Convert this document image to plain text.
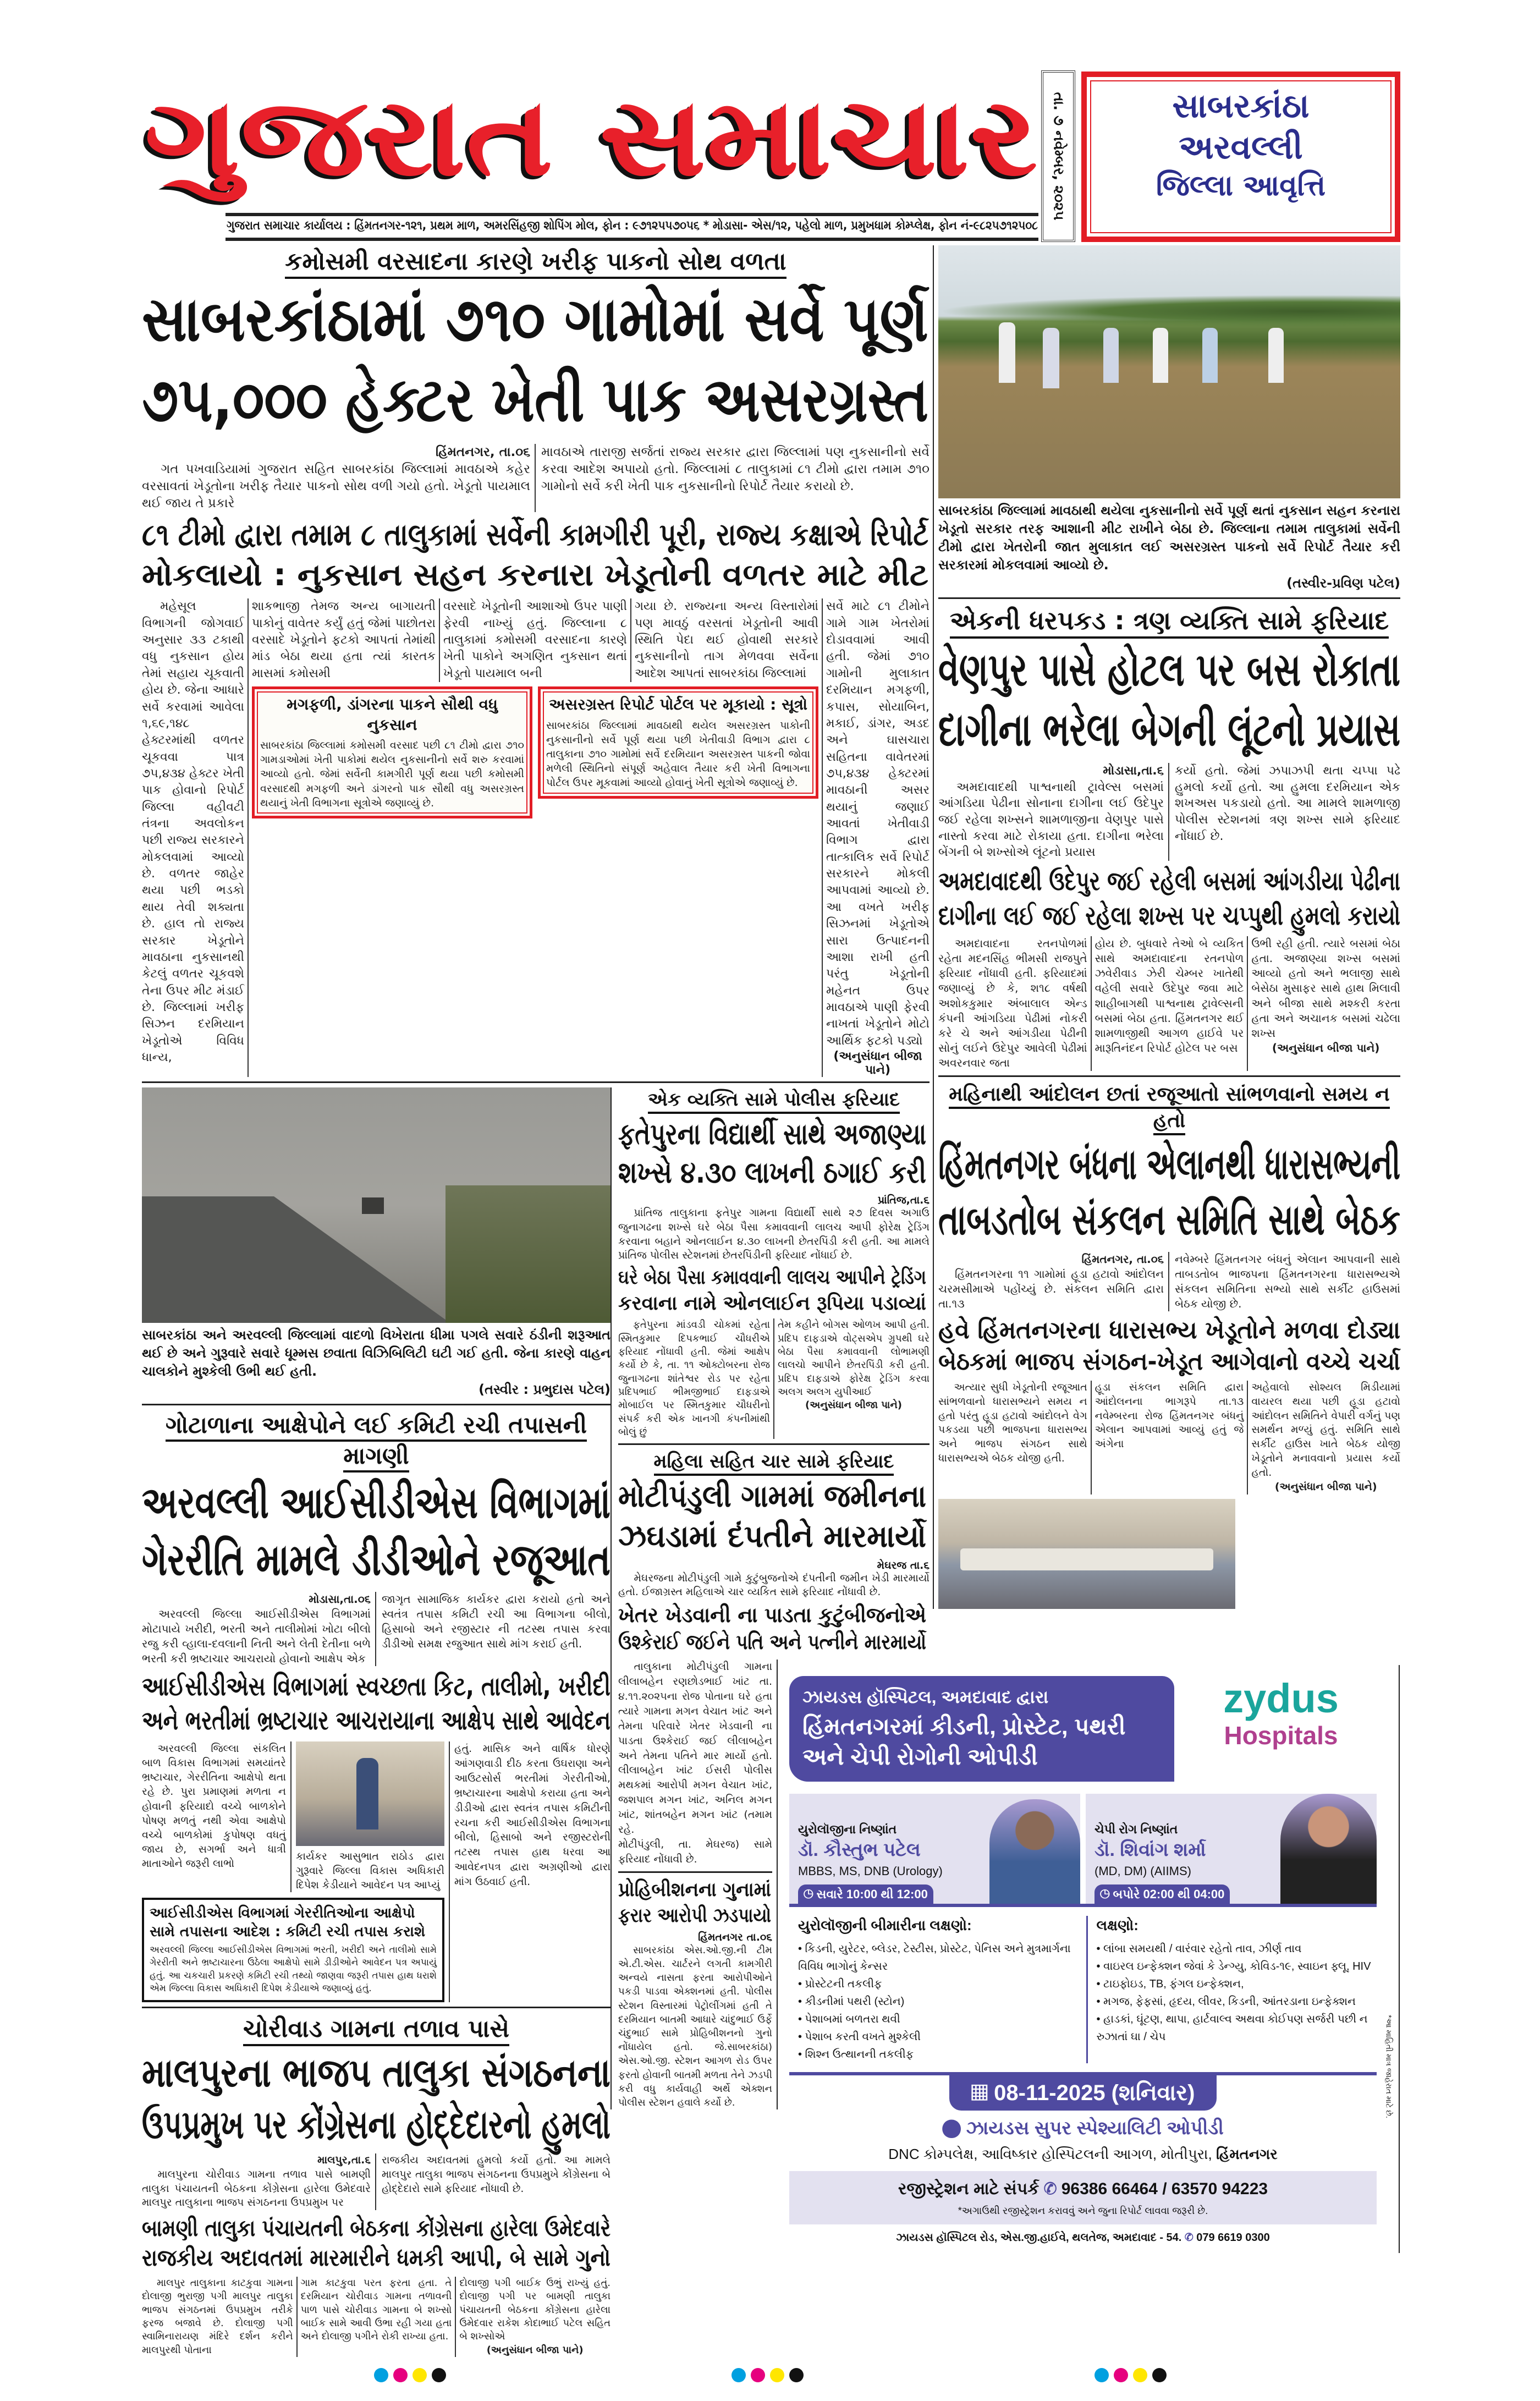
ગુજરાત સમાચાર
ગુજરાત સમાચાર કાર્યાલય : હિંમતનગર-૧૨૧, પ્રથમ માળ, અમરસિંહજી શોપિંગ મોલ, ફોન : ૯૭૧૨૫૫૭૦૫૬ * મોડાસા- એસ/૧૨, પહેલો માળ, પ્રમુખધામ કોમ્પ્લેક્ષ, ફોન નં-૯૮૨૫૭૧૨૫૦૮
તા. ૭ નવેમ્બર, ૨૦૨૫	સાબરકાંઠા
અરવલ્લી
જિલ્લા આવૃત્તિ
કમોસમી વરસાદના કારણે ખરીફ પાકનો સોથ વળતા
સાબરકાંઠામાં ૭૧૦ ગામોમાં સર્વે પૂર્ણ
૭૫,૦૦૦ હેક્ટર ખેતી પાક અસરગ્રસ્ત
હિંમતનગર, તા.૦૬

ગત પખવાડિયામાં ગુજરાત સહિત સાબરકાંઠા જિલ્લામાં માવઠાએ કહેર વરસાવતાં ખેડૂતોના ખરીફ તૈયાર પાકનો સોથ વળી ગયો હતો. ખેડૂતો પાયમાલ થઈ જાય તે પ્રકારે

માવઠાએ તારાજી સર્જતાં રાજ્ય સરકાર દ્વારા જિલ્લામાં પણ નુકસાનીનો સર્વે કરવા આદેશ અપાયો હતો. જિલ્લામાં ૮ તાલુકામાં ૮૧ ટીમો દ્વારા તમામ ૭૧૦ ગામોનો સર્વે કરી ખેતી પાક નુકસાનીનો રિપોર્ટ તૈયાર કરાયો છે.
૮૧ ટીમો દ્વારા તમામ ૮ તાલુકામાં સર્વેની કામગીરી પૂરી, રાજ્ય કક્ષાએ રિપોર્ટ
મોકલાયો : નુકસાન સહન કરનારા ખેડૂતોની વળતર માટે મીટ

મહેસૂલ વિભાગની જોગવાઈ અનુસાર ૩૩ ટકાથી વધુ નુકસાન હોય તેમાં સહાય ચૂકવાતી હોય છે. જેના આધારે સર્વે કરવામાં આવેલા ૧,૬૯,૧૪૮ હેક્ટરમાંથી વળતર ચૂકવવા પાત્ર ૭૫,૪૩૪ હેક્ટર ખેતી પાક હોવાનો રિપોર્ટ જિલ્લા વહીવટી તંત્રના અવલોકન પછી રાજ્ય સરકારને મોકલવામાં આવ્યો છે. વળતર જાહેર થયા પછી ભડકો થાય તેવી શક્યતા છે. હાલ તો રાજ્ય સરકાર ખેડૂતોને માવઠાના નુકસાનથી કેટલું વળતર ચૂકવશે તેના ઉપર મીટ મંડાઈ છે. જિલ્લામાં ખરીફ સિઝન દરમિયાન ખેડૂતોએ વિવિધ ધાન્ય,

શાકભાજી તેમજ અન્ય બાગાયતી પાકોનું વાવેતર કર્યું હતું જેમાં પાછોતરા વરસાદે ખેડૂતોને ફટકો આપતાં તેમાંથી માંડ બેઠા થયા હતા ત્યાં કારતક માસમાં કમોસમી
વરસાદે ખેડૂતોની આશાઓ ઉપર પાણી ફેરવી નાખ્યું હતું. જિલ્લાના ૮ તાલુકામાં કમોસમી વરસાદના કારણે ખેતી પાકોને અગણિત નુકસાન થતાં ખેડૂતો પાયમાલ બની
ગયા છે. રાજ્યના અન્ય વિસ્તારોમાં પણ માવઠું વરસતાં ખેડૂતોની આવી સ્થિતિ પેદા થઈ હોવાથી સરકારે નુકસાનીનો તાગ મેળવવા સર્વેના આદેશ આપતાં સાબરકાંઠા જિલ્લામાં
મગફળી, ડાંગરના પાકને સૌથી વધુ નુકસાન
સાબરકાંઠા જિલ્લામાં કમોસમી વરસાદ પછી ૮૧ ટીમો દ્વારા ૭૧૦ ગામડાઓમાં ખેતી પાકોમાં થયેલ નુકસાનીનો સર્વે શરુ કરવામાં આવ્યો હતો. જેમાં સર્વેની કામગીરી પૂર્ણ થયા પછી કમોસમી વરસાદથી મગફળી અને ડાંગરનો પાક સૌથી વધુ અસરગ્રસ્ત થયાનું ખેતી વિભાગના સૂત્રોએ જણાવ્યું છે.
અસરગ્રસ્ત રિપોર્ટ પોર્ટલ પર મૂકાયો : સૂત્રો
સાબરકાંઠા જિલ્લામાં માવઠાથી થયેલ અસરગ્રસ્ત પાકોની નુકસાનીનો સર્વે પૂર્ણ થયા પછી ખેતીવાડી વિભાગ દ્વારા ૮ તાલુકાના ૭૧૦ ગામોમાં સર્વે દરમિયાન અસરગ્રસ્ત પાકની જોવા મળેલી સ્થિતિનો સંપૂર્ણ અહેવાલ તૈયાર કરી ખેતી વિભાગના પોર્ટલ ઉપર મૂકવામાં આવ્યો હોવાનું ખેતી સૂત્રોએ જણાવ્યું છે.
સર્વે માટે ૮૧ ટીમોને ગામે ગામ ખેતરોમાં દોડાવવામાં આવી હતી. જેમાં ૭૧૦ ગામોની મુલાકાત દરમિયાન મગફળી, કપાસ, સોયાબિન, મકાઈ, ડાંગર, અડદ અને ઘાસચારા સહિતના વાવેતરમાં ૭૫,૪૩૪ હેક્ટરમાં માવઠાની અસર થયાનું જણાઈ આવતાં ખેતીવાડી વિભાગ દ્વારા તાત્કાલિક સર્વે રિપોર્ટ સરકારને મોકલી આપવામાં આવ્યો છે. આ વખતે ખરીફ સિઝનમાં ખેડૂતોએ સારા ઉત્પાદનની આશા રાખી હતી પરંતુ ખેડૂતોની મહેનત ઉપર માવઠાએ પાણી ફેરવી નાખતાં ખેડૂતોને મોટો આર્થિક ફટકો પડ્યો
(અનુસંધાન બીજા પાને)
સાબરકાંઠા અને અરવલ્લી જિલ્લામાં વાદળો વિખેરાતા ધીમા પગલે સવારે ઠંડીની શરૂઆત થઈ છે અને ગુરૂવારે સવારે ધૂમ્મસ છવાતા વિઝિબિલિટી ઘટી ગઈ હતી. જેના કારણે વાહન ચાલકોને મુશ્કેલી ઉભી થઈ હતી.
(તસ્વીર : પ્રભુદાસ પટેલ)
ગોટાળાના આક્ષેપોને લઈ કમિટી રચી તપાસની માગણી
અરવલ્લી આઈસીડીએસ વિભાગમાં
ગેરરીતિ મામલે ડીડીઓને રજૂઆત
મોડાસા,તા.૦૬

અરવલ્લી જિલ્લા આઈસીડીએસ વિભાગમાં મોટાપાયે ખરીદી, ભરતી અને તાલીમોમાં ખોટા બીલો રજુ કરી વ્હાલા-દવલાની નિતી અને લેતી દેતીના બળે ભરતી કરી ભ્રષ્ટાચાર આચરાયો હોવાનો આક્ષેપ એક

જાગૃત સામાજિક કાર્યકર દ્વારા કરાયો હતો અને સ્વતંત્ર તપાસ કમિટી રચી આ વિભાગના બીલો, હિસાબો અને રજીસ્ટાર ની તટસ્થ તપાસ કરવા ડીડીઓ સમક્ષ રજુઆત સાથે માંગ કરાઈ હતી.
આઈસીડીએસ વિભાગમાં સ્વચ્છતા કિટ, તાલીમો, ખરીદી
અને ભરતીમાં ભ્રષ્ટાચાર આચરાયાના આક્ષેપ સાથે આવેદન

અરવલ્લી જિલ્લા સંકલિત બાળ વિકાસ વિભાગમાં સમયાંતરે ભ્રષ્ટાચાર, ગેરરીતિના આક્ષેપો થતા રહે છે. પુરા પ્રમાણમાં મળતા ન હોવાની ફરિયાદો વચ્ચે બાળકોને પોષણ મળતું નથી એવા આક્ષેપો વચ્ચે બાળકોમાં કુપોષણ વધતું જાય છે, સગર્ભા અને ધાત્રી માતાઓને જરૂરી લાભો

કાર્યકર આસુભાત રાઠોડ દ્વારા ગુરૂવારે જિલ્લા વિકાસ અધિકારી દિપેશ કેડીયાને આવેદન પત્ર આપ્યું
આઈસીડીએસ વિભાગમાં ગેરરીતિઓના આક્ષેપો સામે તપાસના આદેશ : કમિટી રચી તપાસ કરાશે
અરવલ્લી જિલ્લા આઈસીડીએસ વિભાગમાં ભરતી, ખરીદી અને તાલીમો સામે ગેરરીતી અને ભ્રષ્ટાચારના ઉઠેલા આક્ષેપો સામે ડીડીઓને આવેદન પત્ર અપાયું હતું. આ ચકચારી પ્રકરણે કમિટી રચી તથ્યો જાણવા જરૂરી તપાસ હાથ ધરાશે એમ જિલ્લા વિકાસ અધિકારી દિપેશ કેડીયાએ જણાવ્યું હતું.
હતું. માસિક અને વાર્ષિક ધોરણે આંગણવાડી દીઠ કરતા ઉઘરાણા અને આઉટસોર્સ ભરતીમાં ગેરરીતીઓ, ભ્રષ્ટાચારના આક્ષેપો કરાયા હતા અને ડીડીઓ દ્વારા સ્વતંત્ર તપાસ કમિટીની રચના કરી આઈસીડીએસ વિભાગના બીલો, હિસાબો અને રજીસ્ટરોની તટસ્થ તપાસ હાથ ધરવા આ આવેદનપત્ર દ્વારા અગ્રણીઓ દ્વારા માંગ ઉઠવાઈ હતી.
ચોરીવાડ ગામના તળાવ પાસે
માલપુરના ભાજપ તાલુકા સંગઠનના
ઉપપ્રમુખ પર કોંગ્રેસના હોદ્દેદારનો હુમલો
માલપુર,તા.૬

માલપુરના ચોરીવાડ ગામના તળાવ પાસે બામણી તાલુકા પંચાયતની બેઠકના કોંગ્રેસના હારેલા ઉમેદવારે માલપુર તાલુકાના ભાજપ સંગઠનના ઉપપ્રમુખ પર

રાજકીય અદાવતમાં હુમલો કર્યો હતો. આ મામલે માલપુર તાલુકા ભાજપ સંગઠનના ઉપપ્રમુખે કોંગ્રેસના બે હોદ્દેદારો સામે ફરિયાદ નોંધાવી છે.
બામણી તાલુકા પંચાયતની બેઠકના કોંગ્રેસના હારેલા ઉમેદવારે
રાજકીય અદાવતમાં મારમારીને ધમકી આપી, બે સામે ગુનો

માલપુર તાલુકાના કાટકુવા ગામના દોલાજી ભુરાજી પગી માલપુર તાલુકા ભાજપ સંગઠનમાં ઉપપ્રમુખ તરીકે ફરજ બજાવે છે. દોલાજી પગી સ્વામિનારાયણ મંદિરે દર્શન કરીને માલપુરથી પોતાના

ગામ કાટકુવા પરત ફરતા હતા. તે દરમિયાન ચોરીવાડ ગામના તળાવની પાળ પાસે ચોરીવાડ ગામના બે શખ્સો બાઈક સામે આવી ઉભા રહી ગયા હતા અને દોલાજી પગીને રોકી રાખ્યા હતા.
દોલાજી પગી બાઈક ઉભું રાખ્યું હતું. દોલાજી પગી પર બામણી તાલુકા પંચાયતની બેઠકના કોંગ્રેસના હારેલા ઉમેદવાર રાકેશ કોદાભાઈ પટેલ સહિત બે શખ્સોએ
(અનુસંધાન બીજા પાને)
એક વ્યક્તિ સામે પોલીસ ફરિયાદ
ફતેપુરના વિદ્યાર્થી સાથે અજાણ્યા
શખ્સે ૪.૩૦ લાખની ઠગાઈ કરી
પ્રાંતિજ,તા.૬

પ્રાંતિજ તાલુકાના ફતેપુર ગામના વિદ્યાર્થી સાથે ૨૭ દિવસ અગાઉ જુનાગઢના શખ્સે ઘરે બેઠા પૈસા કમાવવાની લાલચ આપી ફોરેક્ષ ટ્રેડિંગ કરવાના બહાને ઓનલાઈન ૪.૩૦ લાખની છેતરપિંડી કરી હતી. આ મામલે પ્રાંતિજ પોલીસ સ્ટેશનમાં છેતરપિંડીની ફરિયાદ નોંધાઈ છે.

ઘરે બેઠા પૈસા કમાવવાની લાલચ આપીને ટ્રેડિંગ
કરવાના નામે ઓનલાઈન રૂપિયા પડાવ્યાં

ફતેપુરના માંડવડી ચોકમાં રહેતા સ્મિતકુમાર દિપકભાઈ ચૌધરીએ ફરિયાદ નોંધાવી હતી. જેમાં આક્ષેપ કર્યો છે કે, તા. ૧૧ ઓક્ટોબરના રોજ જુનાગઢના શાંતેશ્વર રોડ પર રહેતા પ્રદિપભાઈ ભીમજીભાઈ દાફડાએ મોબાઈલ પર સ્મિતકુમાર ચૌધરીનો સંપર્ક કરી એક ખાનગી કંપનીમાંથી બોલું છું

તેમ કહીને બોગસ ઓળખ આપી હતી. પ્રદિપ દાફડાએ વોટ્સએપ ગ્રુપથી ઘરે બેઠા પૈસા કમાવવાની લોભામણી લાલચો આપીને છેતરપિંડી કરી હતી. પ્રદિપ દાફડાએ ફોરેક્ષ ટ્રેડિંગ કરવા અલગ અલગ યુપીઆઈ
(અનુસંધાન બીજા પાને)
મહિલા સહિત ચાર સામે ફરિયાદ
મોટીપંડુલી ગામમાં જમીનના
ઝઘડામાં દંપતીને મારમાર્યો
મેઘરજ તા.૬

મેઘરજના મોટીપંડુલી ગામે કુટુંબુજનોએ દંપતીની જમીન ખેડી મારમાર્યો હતો. ઈજાગ્રસ્ત મહિલાએ ચાર વ્યકિત સામે ફરિયાદ નોંધાવી છે.

ખેતર ખેડવાની ના પાડતા કુટુંબીજનોએ
ઉશ્કેરાઈ જઈને પતિ અને પત્નીને મારમાર્યો

તાલુકાના મોટીપંડુલી ગામના લીલાબહેન રણછોડભાઈ ખાંટ તા. ૪.૧૧.૨૦૨૫ના રોજ પોતાના ઘરે હતા ત્યારે ગામના મગન વેચાત ખાંટ અને તેમના પરિવારે ખેતર ખેડવાની ના પાડતા ઉશ્કેરાઈ જઈ લીલાબહેન અને તેમના પતિને માર માર્યો હતો. લીલાબહેન ખાંટ ઈસરી પોલીસ મથકમાં આરોપી મગન વેચાત ખાંટ, જશપાલ મગન ખાંટ, અનિલ મગન ખાંટ, શાંતબહેન મગન ખાંટ (તમામ રહે.

મોટીપંડુલી, તા. મેઘરજ) સામે ફરિયાદ નોંધાવી છે.
પ્રોહિબીશનના ગુનામાં
ફરાર આરોપી ઝડપાયો
હિંમતનગર તા.૦૬

સાબરકાંઠા એસ.ઓ.જી.ની ટીમ એ.ટી.એસ. ચાર્ટરને લગતી કામગીરી અન્વયે નાસતા ફરતા આરોપીઓને પકડી પાડવા એક્શનમાં હતી. પોલીસ સ્ટેશન વિસ્તારમાં પેટ્રોલીંગમાં હતી તે દરમિયાન બાતમી આધારે ચાંદુભાઈ ઉર્ફે ચંદુભાઈ સામે પ્રોહિબીશનનો ગુનો નોંધાયેલ હતો. જે.સાબરકાંઠા) એસ.ઓ.જી. સ્ટેશન આગળ રોડ ઉપર ફરતો હોવાની બાતમી મળતા તેને ઝડપી કરી વધુ કાર્યવાહી અર્થે એક્શન પોલીસ સ્ટેશન હવાલે કર્યો છે.

સાબરકાંઠા જિલ્લામાં માવઠાથી થયેલા નુકસાનીનો સર્વે પૂર્ણ થતાં નુકસાન સહન કરનારા ખેડૂતો સરકાર તરફ આશાની મીટ રાખીને બેઠા છે. જિલ્લાના તમામ તાલુકામાં સર્વેની ટીમો દ્વારા ખેતરોની જાત મુલાકાત લઈ અસરગ્રસ્ત પાકનો સર્વે રિપોર્ટ તૈયાર કરી સરકારમાં મોકલવામાં આવ્યો છે.
(તસ્વીર-પ્રવિણ પટેલ)
એકની ધરપકડ : ત્રણ વ્યક્તિ સામે ફરિયાદ
વેણપુર પાસે હોટલ પર બસ રોકાતા
દાગીના ભરેલા બેગની લૂંટનો પ્રયાસ
મોડાસા,તા.૬

અમદાવાદથી પાશ્વનાથી ટ્રાવેલ્સ બસમાં આંગડિયા પેઢીના સોનાના દાગીના લઈ ઉદેપુર જઈ રહેલા શખ્સને શામળાજીના વેણપુર પાસે નાસ્તો કરવા માટે રોકાયા હતા. દાગીના ભરેલા બેંગની બે શખ્સોએ લૂંટનો પ્રયાસ

કર્યો હતો. જેમાં ઝપાઝપી થતા ચપ્પા પઢે હુમલો કર્યો હતો. આ હુમલા દરમિયાન એક શખઅસ પકડાયો હતો. આ મામલે શામળાજી પોલીસ સ્ટેશનમાં ત્રણ શખ્સ સામે ફરિયાદ નોંધાઈ છે.
અમદાવાદથી ઉદેપુર જઈ રહેલી બસમાં આંગડીયા પેઢીના
દાગીના લઈ જઈ રહેલા શખ્સ પર ચપ્પુથી હુમલો કરાયો

અમદાવાદના રતનપોળમાં રહેતા મદનસિંહ ભીમસી રાજપુતે ફરિયાદ નોંધાવી હતી. ફરિયાદમાં જણાવ્યું છે કે, શ૧૮ વર્ષથી અશોકકુમાર અંબાલાલ એન્ડ કંપની આંગડિયા પેઢીમાં નોકરી કરે ચે અને આંગડીયા પેઢીની સોનું લઈને ઉદેપુર આવેલી પેઢીમાં અવરનવાર જતા

હોય છે. બુધવારે તેઓ બે વ્યકિત સાથે અમદાવાદના રતનપોળ ઝવેરીવાડ ઝેરી ચેમ્બર ખાતેથી વહેલી સવારે ઉદેપુર જવા માટે શાહીબાગથી પાશ્વનાથ ટ્રાવેલ્સની બસમાં બેઠા હતા. હિંમતનગર થઈ શામળાજીથી આગળ હાઈવે પર મારૂતિનંદન રિપોર્ટ હોટેલ પર બસ
ઉભી રહી હતી. ત્યારે બસમાં બેઠા હતા. અજાણ્યા શખ્સ બસમાં આવ્યો હતો અને ભલાજી સાથે બેસેઠા મુસાફર સાથે હાથ મિલાવી અને બીજા સાથે મશ્કરી કરતા હતા અને અચાનક બસમાં ચઢેલા શખ્સ
(અનુસંધાન બીજા પાને)
મહિનાથી આંદોલન છતાં રજૂઆતો સાંભળવાનો સમય ન હતો
હિંમતનગર બંધના એલાનથી ધારાસભ્યની
તાબડતોબ સંકલન સમિતિ સાથે બેઠક
હિંમતનગર, તા.૦૬

હિંમતનગરના ૧૧ ગામોમાં હૂડા હટાવો આંદોલન ચરમસીમાએ પહોંચ્યું છે. સંકલન સમિતિ દ્વારા તા.૧૩

નવેમ્બરે હિંમતનગર બંધનું એલાન આપવાની સાથે તાબડતોબ ભાજપના હિંમતનગરના ધારાસભ્યએ સંકલન સમિતિના સભ્યો સાથે સર્કીટ હાઉસમાં બેઠક યોજી છે.
હવે હિંમતનગરના ધારાસભ્ય ખેડૂતોને મળવા દોડ્યા
બેઠકમાં ભાજપ સંગઠન-ખેડૂત આગેવાનો વચ્ચે ચર્ચા

અત્યાર સુધી ખેડૂતોની રજૂઆત સાંભળવાનો ધારાસભ્યને સમય ન હતો પરંતુ હૂડા હટાવો આંદોલને વેગ પકડયા પછી ભાજપના ધારાસભ્ય અને ભાજપ સંગઠન સાથે ધારાસભ્યએ બેઠક યોજી હતી.

હૂડા સંકલન સમિતિ દ્વારા આંદોલનના ભાગરૂપે તા.૧૩ નવેમ્બરના રોજ હિંમતનગર બંધનું એલાન આપવામાં આવ્યું હતું જે અંગેના
અહેવાલો સોશ્યલ મિડીયામાં વાયરલ થયા પછી હૂડા હટાવો આંદોલન સમિતિને વેપારી વર્ગનું પણ સમર્થન મળ્યું હતું. સમિતિ સાથે સર્કીટ હાઉસ ખાતે બેઠક યોજી ખેડૂતોને મનાવવાનો પ્રયાસ કર્યો હતો.
(અનુસંધાન બીજા પાને)
ઝાયડસ હૉસ્પિટલ, અમદાવાદ દ્વારા
હિંમતનગરમાં કીડની, પ્રોસ્ટેટ, પથરી
અને ચેપી રોગોની ઓપીડી
zydus
Hospitals
યુરોલૉજીના નિષ્ણાંત
ડૉ. કૌસ્તુભ પટેલ
MBBS, MS, DNB (Urology)
◷ સવારે 10:00 થી 12:00
ચેપી રોગ નિષ્ણાંત
ડૉ. શિવાંગ શર્મા
(MD, DM) (AIIMS)
◷ બપોરે 02:00 થી 04:00
યુરોલૉજીની બીમારીના લક્ષણો:
• કિડની, યુરેટર, બ્લેડર, ટેસ્ટીસ, પ્રોસ્ટેટ, પેનિસ અને મુત્રમાર્ગના વિવિધ ભાગોનું કેન્સર
• પ્રોસ્ટેટની તકલીફ
• કીડનીમાં પથરી (સ્ટોન)
• પેશાબમાં બળતરા થવી
• પેશાબ કરતી વખતે મુશ્કેલી
• શિશ્ન ઉત્થાનની તકલીફ
લક્ષણો:
• લાંબા સમયથી / વારંવાર રહેતો તાવ, ઝીર્ણ તાવ
• વાઇરલ ઇન્ફેક્શન જેવાં કે ડેન્ગ્યુ, કોવિડ-૧૯, સ્વાઇન ફ્લૂ, HIV
• ટાઇફોઇડ, TB, ફંગલ ઇન્ફેક્શન,
• મગજ, ફેફસાં, હૃદય, લીવર, કિડની, આંતરડાના ઇન્ફેક્શન
• હાડકાં, ઘૂંટણ, થાપા, હાર્ટવાલ્વ અથવા કોઈપણ સર્જરી પછી ન રુઝાતાં ઘા / ચેપ
▦ 08-11-2025 (શનિવાર)
⬤ ઝાયડસ સુપર સ્પેશ્યાલિટી ઓપીડી
DNC કોમ્પલેક્ષ, આવિષ્કાર હોસ્પિટલની આગળ, મોતીપુરા, હિંમતનગર
રજીસ્ટ્રેશન માટે સંપર્ક ✆ 96386 66464 / 63570 94223
*અગાઉથી રજીસ્ટ્રેશન કરાવવું અને જુના રિપોર્ટ લાવવા જરૂરી છે.
ઝાયડસ હૉસ્પિટલ રોડ, એસ.જી.હાઈવે, થલતેજ, અમદાવાદ - 54. ✆ 079 6619 0300
*આ માહિતી માત્ર જાહેરાત માટે છે.
